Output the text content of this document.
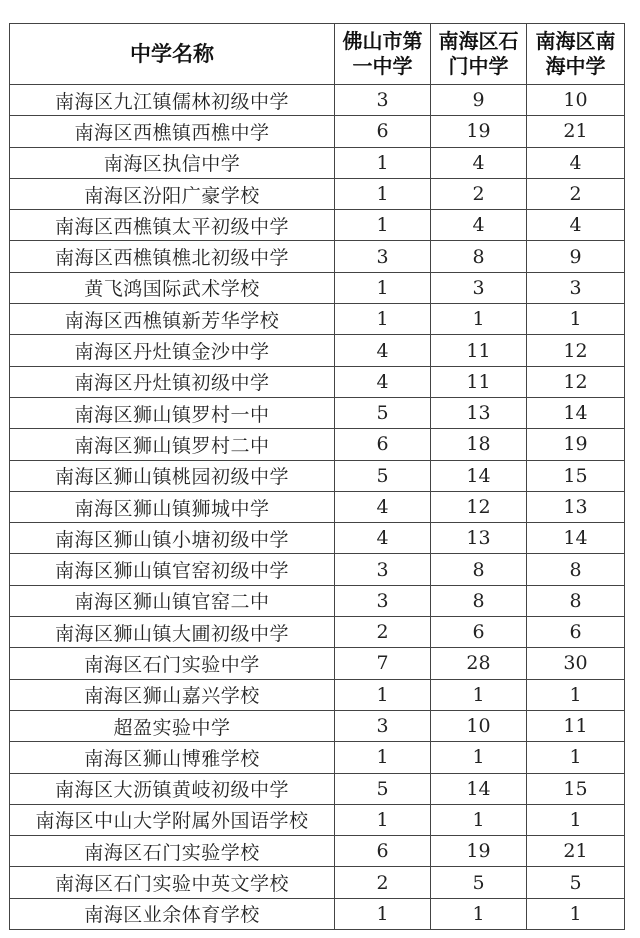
中学名称	佛山市第一中学	南海区石门中学	南海区南海中学
南海区九江镇儒林初级中学	3	9	10
南海区西樵镇西樵中学	6	19	21
南海区执信中学	1	4	4
南海区汾阳广豪学校	1	2	2
南海区西樵镇太平初级中学	1	4	4
南海区西樵镇樵北初级中学	3	8	9
黄飞鸿国际武术学校	1	3	3
南海区西樵镇新芳华学校	1	1	1
南海区丹灶镇金沙中学	4	11	12
南海区丹灶镇初级中学	4	11	12
南海区狮山镇罗村一中	5	13	14
南海区狮山镇罗村二中	6	18	19
南海区狮山镇桃园初级中学	5	14	15
南海区狮山镇狮城中学	4	12	13
南海区狮山镇小塘初级中学	4	13	14
南海区狮山镇官窑初级中学	3	8	8
南海区狮山镇官窑二中	3	8	8
南海区狮山镇大圃初级中学	2	6	6
南海区石门实验中学	7	28	30
南海区狮山嘉兴学校	1	1	1
超盈实验中学	3	10	11
南海区狮山博雅学校	1	1	1
南海区大沥镇黄岐初级中学	5	14	15
南海区中山大学附属外国语学校	1	1	1
南海区石门实验学校	6	19	21
南海区石门实验中英文学校	2	5	5
南海区业余体育学校	1	1	1
